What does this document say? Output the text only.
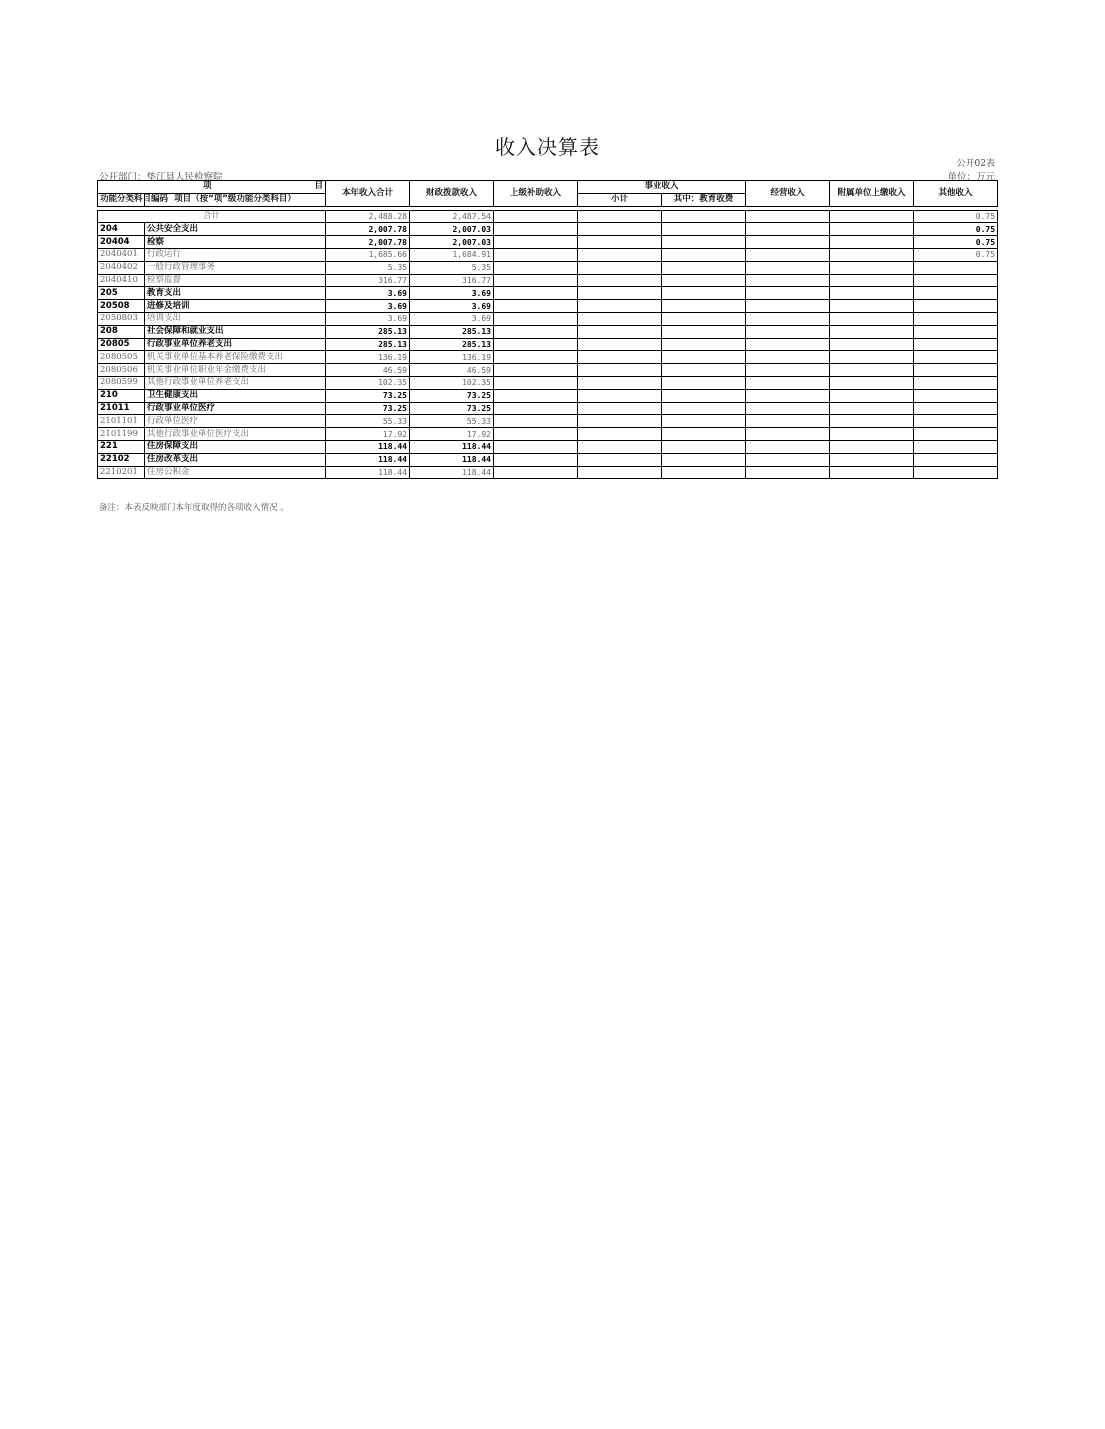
收入决算表
公开02表
公开部门：垫江县人民检察院	单位：万元
项 目		本年收入合计	财政拨款收入	上级补助收入	事业收入		经营收入	附属单位上缴收入	其他收入
功能分类科目编码	项目（按“项”级功能分类科目）				小计	其中：教育收费			

合计		2,488.28	2,487.54						0.75
204	公共安全支出	2,007.78	2,007.03						0.75
20404	检察	2,007.78	2,007.03						0.75
2040401	行政运行	1,685.66	1,684.91						0.75
2040402	一般行政管理事务	5.35	5.35						
2040410	检察监督	316.77	316.77						
205	教育支出	3.69	3.69						
20508	进修及培训	3.69	3.69						
2050803	培训支出	3.69	3.69						
208	社会保障和就业支出	285.13	285.13						
20805	行政事业单位养老支出	285.13	285.13						
2080505	机关事业单位基本养老保险缴费支出	136.19	136.19						
2080506	机关事业单位职业年金缴费支出	46.59	46.59						
2080599	其他行政事业单位养老支出	102.35	102.35						
210	卫生健康支出	73.25	73.25						
21011	行政事业单位医疗	73.25	73.25						
2101101	行政单位医疗	55.33	55.33						
2101199	其他行政事业单位医疗支出	17.92	17.92						
221	住房保障支出	118.44	118.44						
22102	住房改革支出	118.44	118.44						
2210201	住房公积金	118.44	118.44						
备注：本表反映部门本年度取得的各项收入情况 。
